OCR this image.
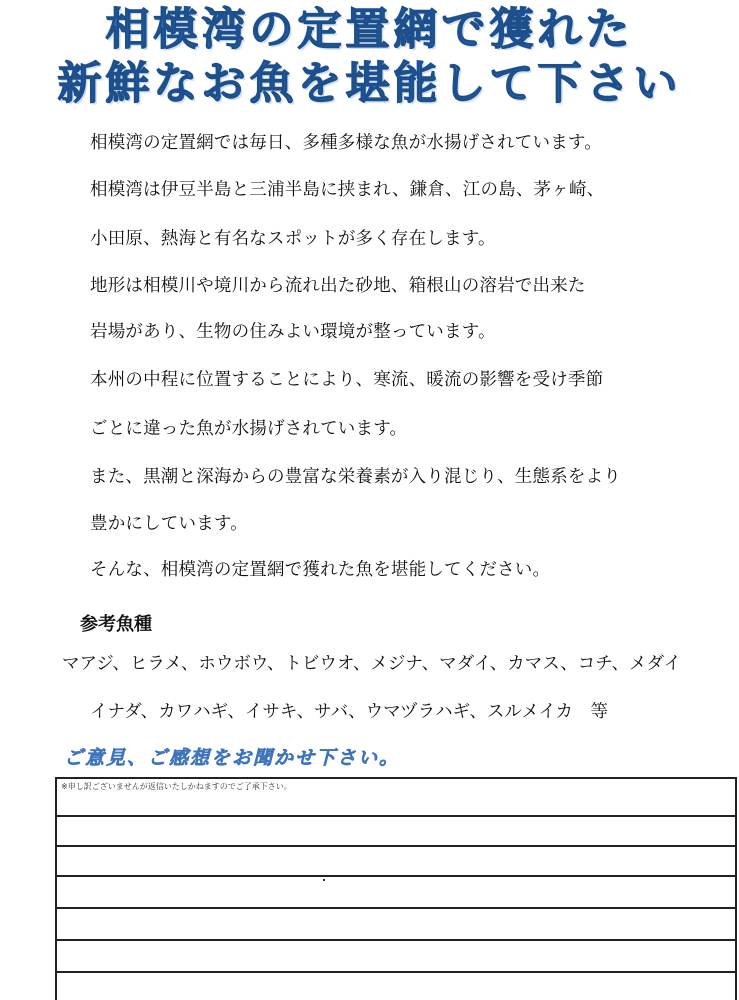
相模湾の定置網で獲れた
新鮮なお魚を堪能して下さい
相模湾の定置網では毎日、多種多様な魚が水揚げされています。
相模湾は伊豆半島と三浦半島に挟まれ、鎌倉、江の島、茅ヶ崎、
小田原、熱海と有名なスポットが多く存在します。
地形は相模川や境川から流れ出た砂地、箱根山の溶岩で出来た
岩場があり、生物の住みよい環境が整っています。
本州の中程に位置することにより、寒流、暖流の影響を受け季節
ごとに違った魚が水揚げされています。
また、黒潮と深海からの豊富な栄養素が入り混じり、生態系をより
豊かにしています。
そんな、相模湾の定置網で獲れた魚を堪能してください。
参考魚種
マアジ、ヒラメ、ホウボウ、トビウオ、メジナ、マダイ、カマス、コチ、メダイ
イナダ、カワハギ、イサキ、サバ、ウマヅラハギ、スルメイカ　等
ご意見、ご感想をお聞かせ下さい。
※申し訳ございませんが返信いたしかねますのでご了承下さい。
